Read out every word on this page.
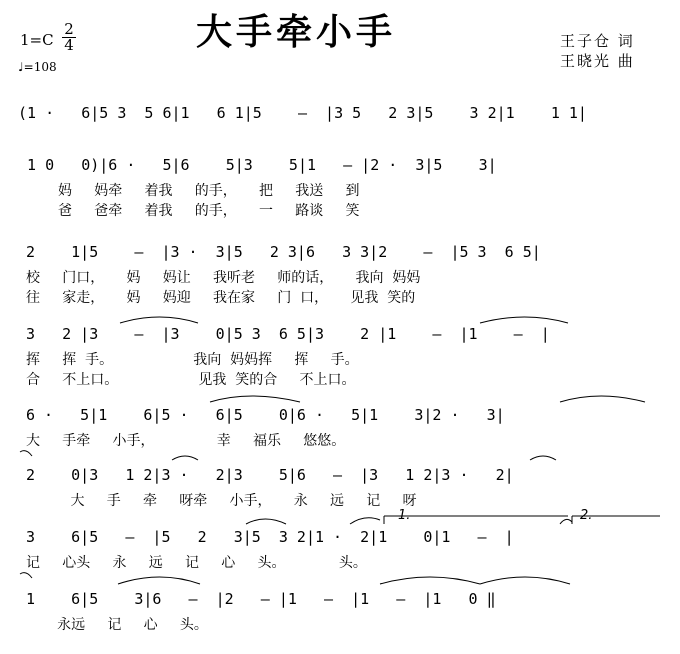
大手牵小手
1=C
2
4
♩=108
王子仓 词
王晓光 曲
(1 ·   6|5 3  5 6|1   6 1|5    —  |3 5   2 3|5    3 2|1    1 1|
1 0   0)|6 ·   5|6    5|3    5|1   — |2 ·  3|5    3|
妈     妈牵     着我     的手，     把     我送     到
爸     爸牵     着我     的手，     一     路谈     笑
2    1|5    —  |3 ·  3|5   2 3|6   3 3|2    —  |5 3  6 5|
校     门口，     妈     妈让     我听老     师的话，     我向  妈妈
往     家走，     妈     妈迎     我在家     门  口，     见我  笑的
3   2 |3    —  |3    0|5 3  6 5|3    2 |1    —  |1    —  |
挥     挥  手。                  我向  妈妈挥     挥     手。
合     不上口。                  见我  笑的合     不上口。
6 ·   5|1    6|5 ·   6|5    0|6 ·   5|1    3|2 ·   3|
大     手牵     小手，              幸     福乐     悠悠。
2    0|3   1 2|3 ·   2|3    5|6   —  |3   1 2|3 ·   2|
大     手     牵     呀牵     小手，     永     远     记     呀
1.	2.
3    6|5   —  |5   2   3|5  3 2|1 ·  2|1    0|1   —  |
记     心头     永     远     记     心     头。            头。
1    6|5    3|6   —  |2   — |1   —  |1   —  |1   0 ‖
永远     记     心     头。
